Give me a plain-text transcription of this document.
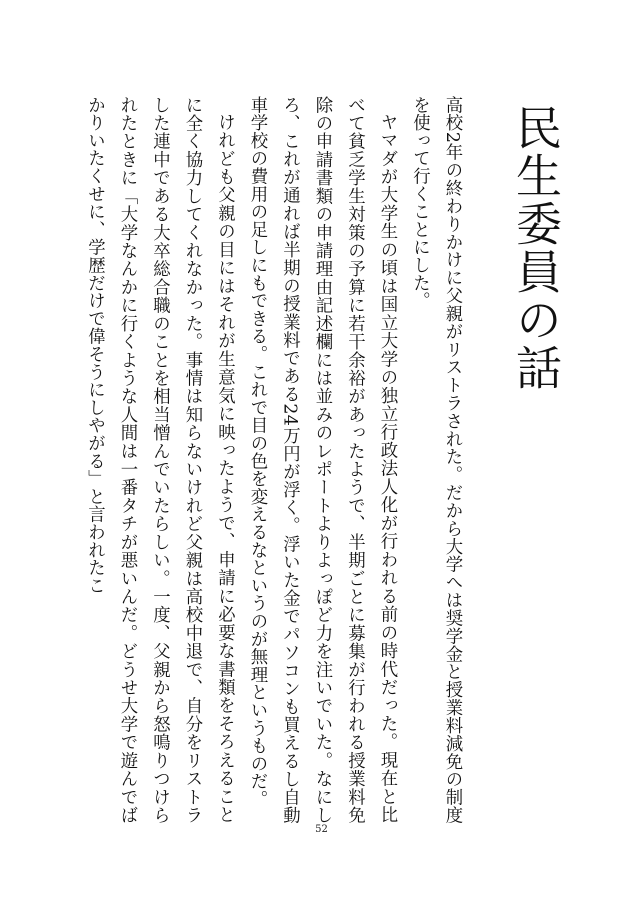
民生委員の話

高校2年の終わりかけに父親がリストラされた。だから大学へは奨学金と授業料減免の制度を使って行くことにした。

ヤマダが大学生の頃は国立大学の独立行政法人化が行われる前の時代だった。現在と比べて貧乏学生対策の予算に若干余裕があったようで、半期ごとに募集が行われる授業料免除の申請書類の申請理由記述欄には並みのレポートよりよっぽど力を注いでいた。なにしろ、これが通れば半期の授業料である24万円が浮く。浮いた金でパソコンも買えるし自動車学校の費用の足しにもできる。これで目の色を変えるなというのが無理というものだ。

けれども父親の目にはそれが生意気に映ったようで、申請に必要な書類をそろえることに全く協力してくれなかった。事情は知らないけれど父親は高校中退で、自分をリストラした連中である大卒総合職のことを相当憎んでいたらしい。一度、父親から怒鳴りつけられたときに「大学なんかに行くような人間は一番タチが悪いんだ。どうせ大学で遊んでばかりいたくせに、学歴だけで偉そうにしやがる」と言われたこ

52
